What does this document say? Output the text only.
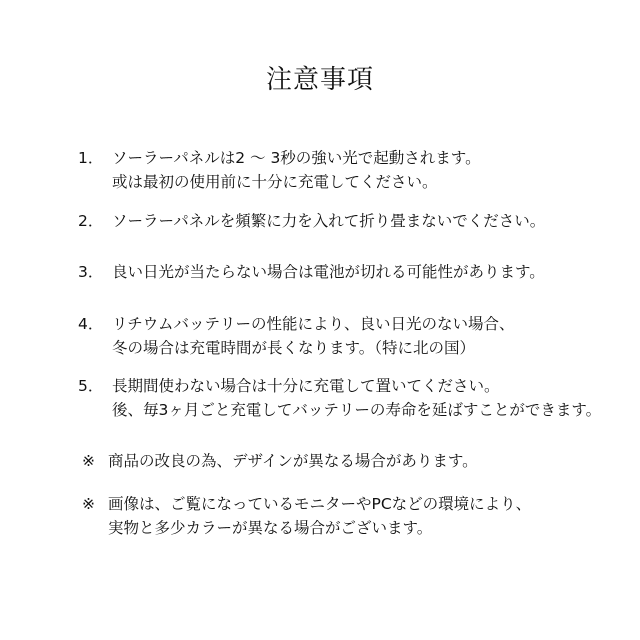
注意事項
1． ソーラーパネルは2 ～ 3秒の強い光で起動されます。
或は最初の使用前に十分に充電してください。
2． ソーラーパネルを頻繁に力を入れて折り畳まないでください。
3． 良い日光が当たらない場合は電池が切れる可能性があります。
4． リチウムバッテリーの性能により、良い日光のない場合、
冬の場合は充電時間が長くなります。（特に北の国）
5． 長期間使わない場合は十分に充電して置いてください。
後、毎3ヶ月ごと充電してバッテリーの寿命を延ばすことができます。
※ 商品の改良の為、デザインが異なる場合があります。
※ 画像は、ご覧になっているモニターやPCなどの環境により、
実物と多少カラーが異なる場合がございます。
